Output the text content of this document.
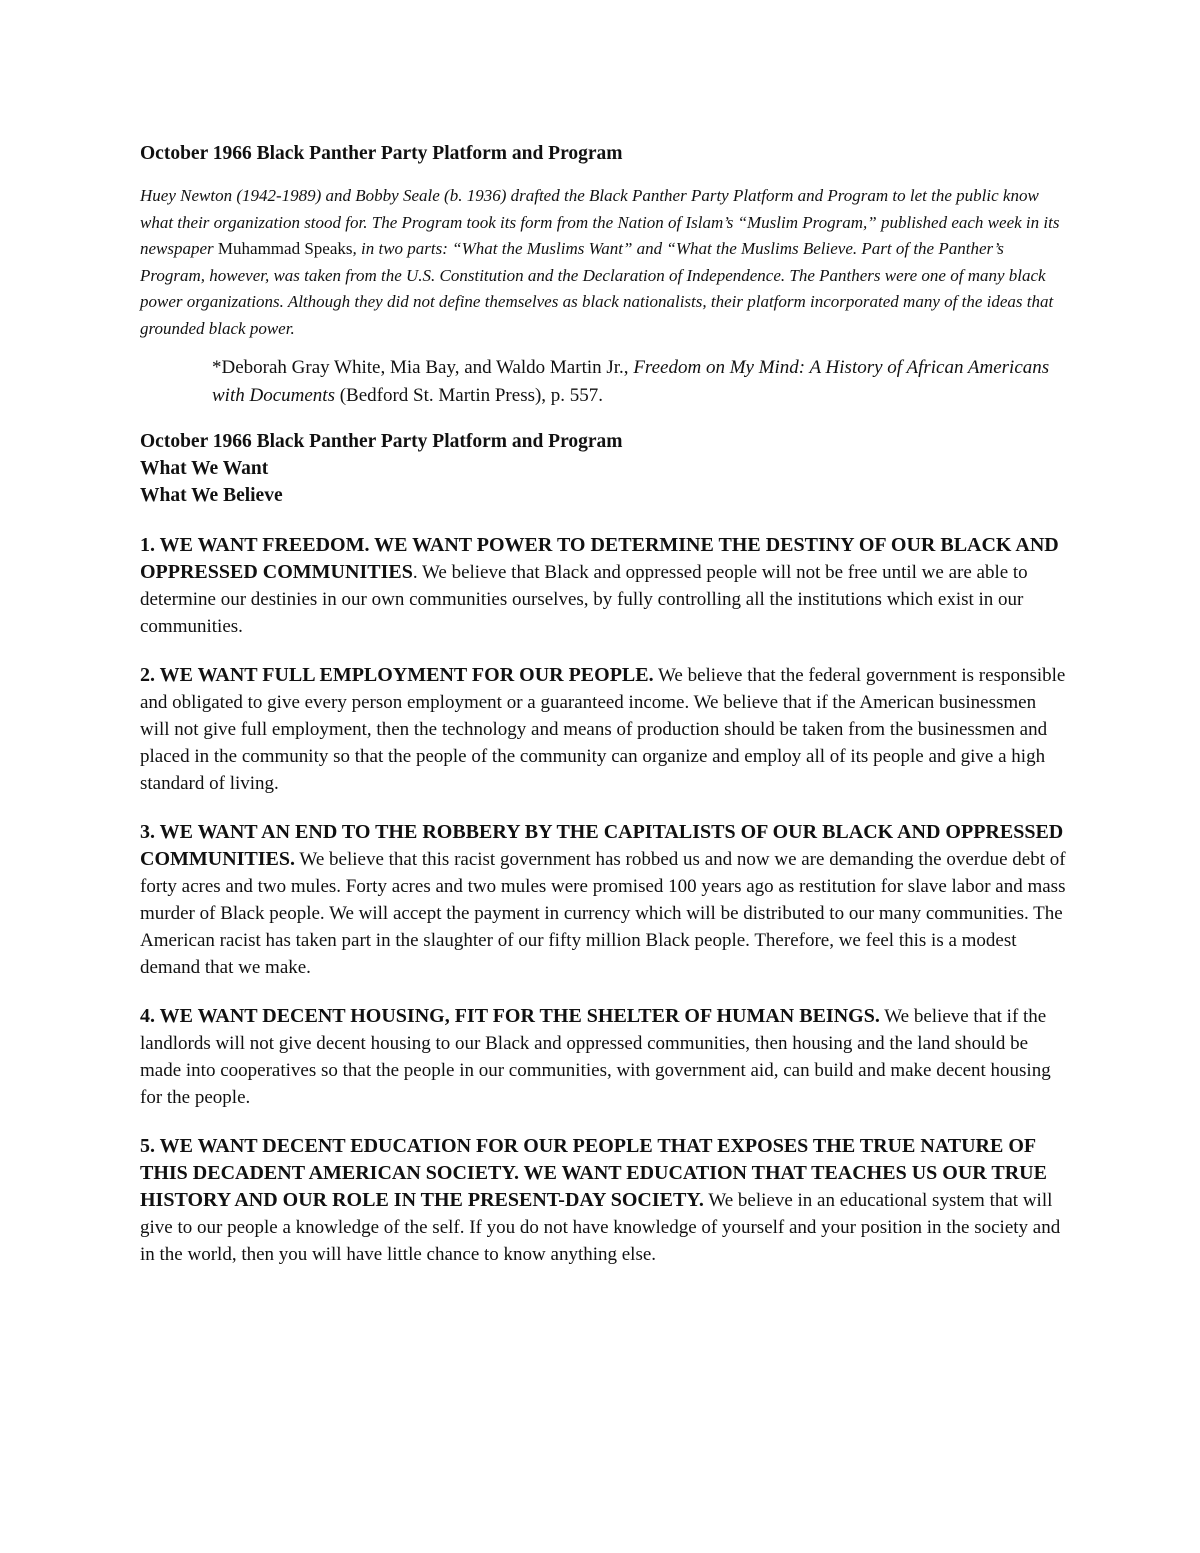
October 1966 Black Panther Party Platform and Program

Huey Newton (1942-1989) and Bobby Seale (b. 1936) drafted the Black Panther Party Platform and Program to let the public know what their organization stood for. The Program took its form from the Nation of Islam’s “Muslim Program,” published each week in its newspaper Muhammad Speaks, in two parts: “What the Muslims Want” and “What the Muslims Believe. Part of the Panther’s Program, however, was taken from the U.S. Constitution and the Declaration of Independence. The Panthers were one of many black power organizations. Although they did not define themselves as black nationalists, their platform incorporated many of the ideas that grounded black power.

*Deborah Gray White, Mia Bay, and Waldo Martin Jr., Freedom on My Mind: A History of African Americans with Documents (Bedford St. Martin Press), p. 557.

October 1966 Black Panther Party Platform and Program
What We Want
What We Believe

1. WE WANT FREEDOM. WE WANT POWER TO DETERMINE THE DESTINY OF OUR BLACK AND OPPRESSED COMMUNITIES. We believe that Black and oppressed people will not be free until we are able to determine our destinies in our own communities ourselves, by fully controlling all the institutions which exist in our communities.

2. WE WANT FULL EMPLOYMENT FOR OUR PEOPLE. We believe that the federal government is responsible and obligated to give every person employment or a guaranteed income. We believe that if the American businessmen will not give full employment, then the technology and means of production should be taken from the businessmen and placed in the community so that the people of the community can organize and employ all of its people and give a high standard of living.

3. WE WANT AN END TO THE ROBBERY BY THE CAPITALISTS OF OUR BLACK AND OPPRESSED COMMUNITIES. We believe that this racist government has robbed us and now we are demanding the overdue debt of forty acres and two mules. Forty acres and two mules were promised 100 years ago as restitution for slave labor and mass murder of Black people. We will accept the payment in currency which will be distributed to our many communities. The American racist has taken part in the slaughter of our fifty million Black people. Therefore, we feel this is a modest demand that we make.

4. WE WANT DECENT HOUSING, FIT FOR THE SHELTER OF HUMAN BEINGS. We believe that if the landlords will not give decent housing to our Black and oppressed communities, then housing and the land should be made into cooperatives so that the people in our communities, with government aid, can build and make decent housing for the people.

5. WE WANT DECENT EDUCATION FOR OUR PEOPLE THAT EXPOSES THE TRUE NATURE OF THIS DECADENT AMERICAN SOCIETY. WE WANT EDUCATION THAT TEACHES US OUR TRUE HISTORY AND OUR ROLE IN THE PRESENT-DAY SOCIETY. We believe in an educational system that will give to our people a knowledge of the self. If you do not have knowledge of yourself and your position in the society and in the world, then you will have little chance to know anything else.
